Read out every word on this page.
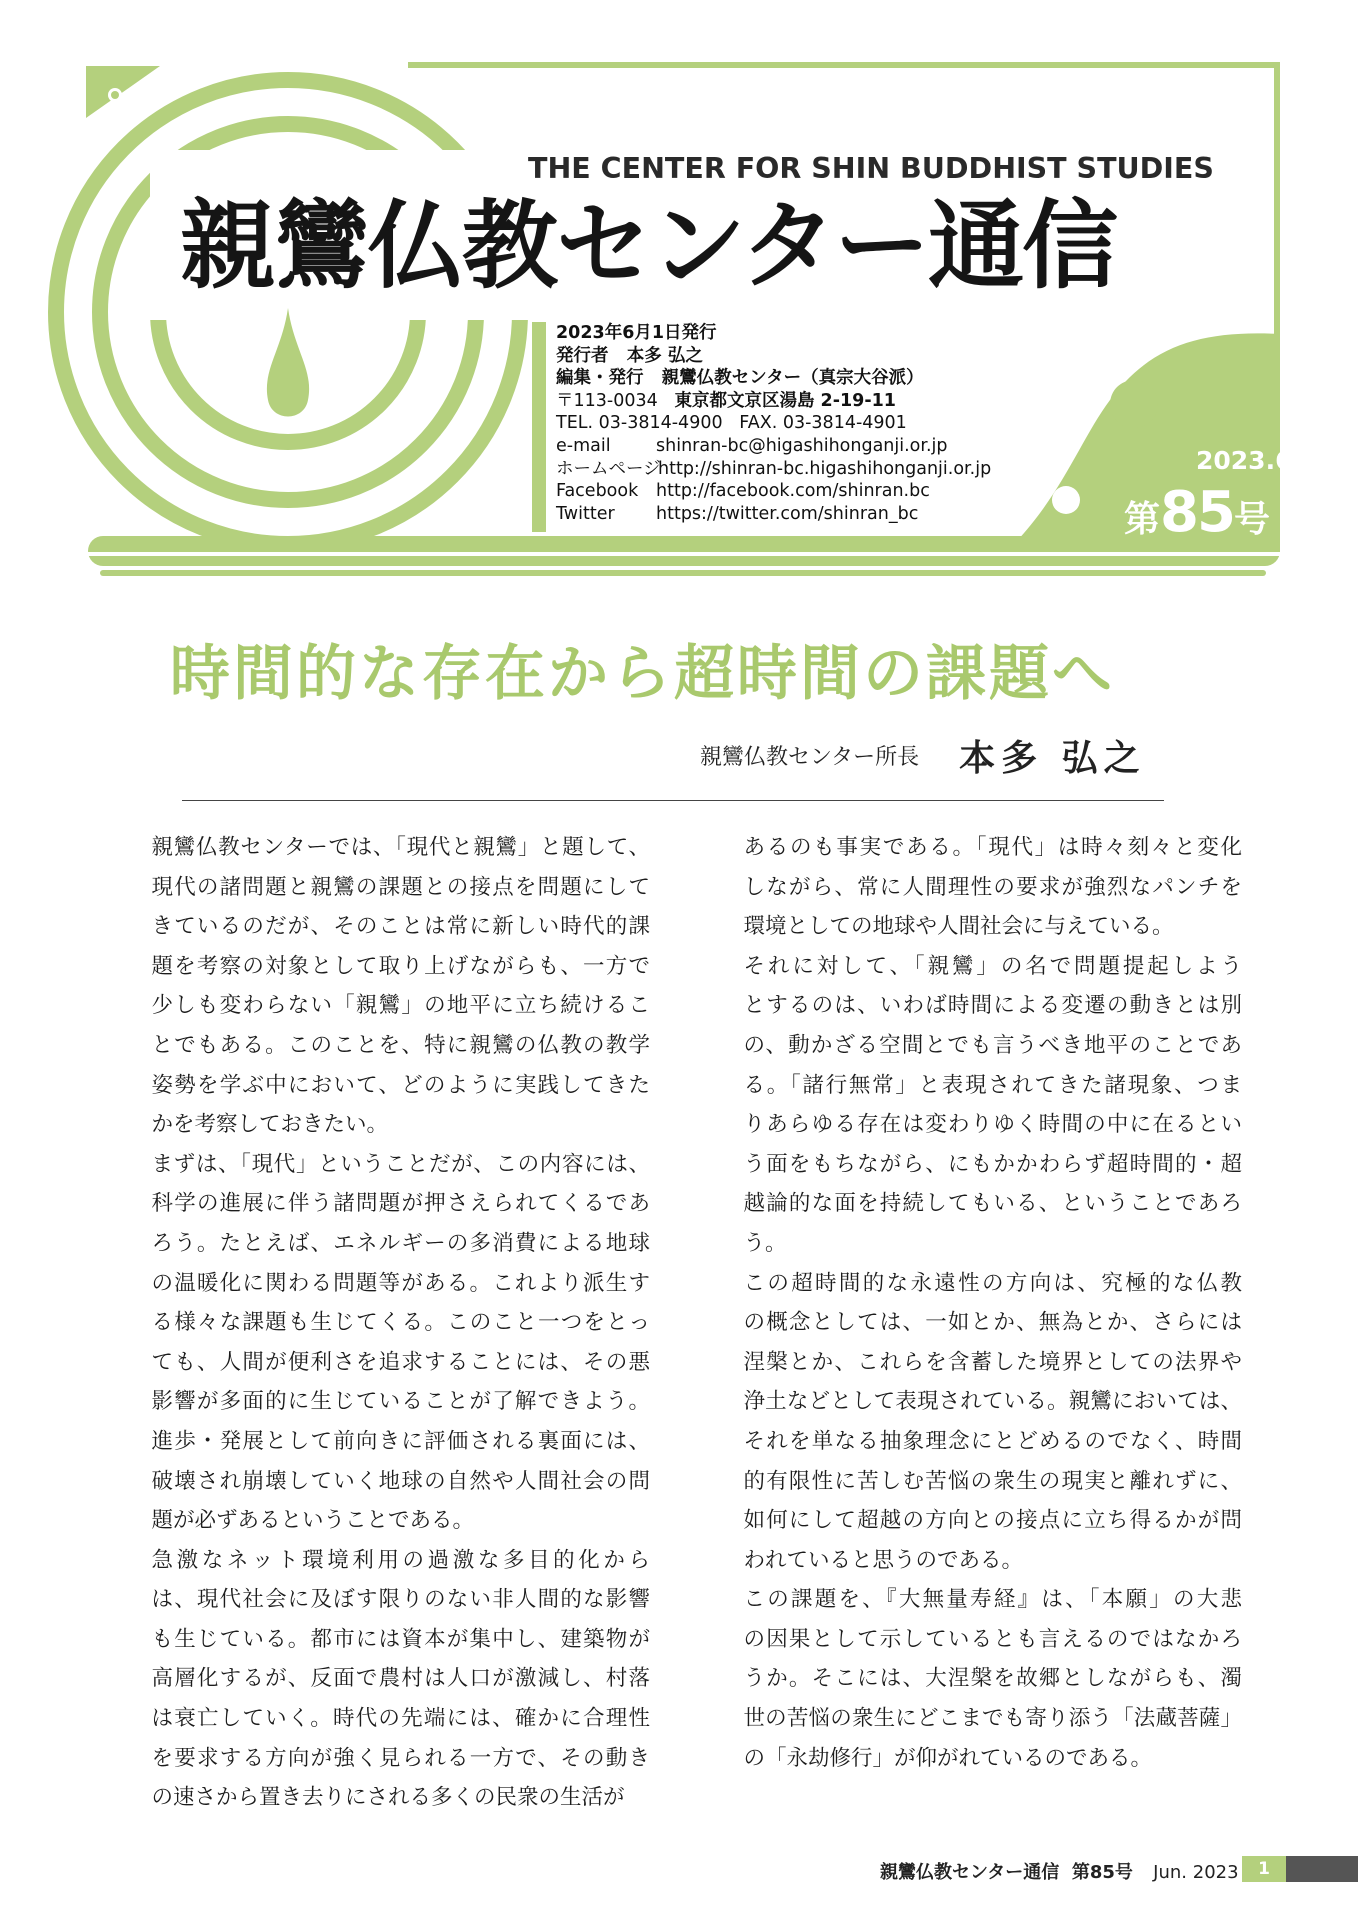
THE CENTER FOR SHIN BUDDHIST STUDIES
親鸞仏教センター通信
2023年6月1日発行
発行者 本多 弘之
編集・発行 親鸞仏教センター（真宗大谷派）
〒113-0034 東京都文京区湯島 2-19-11
TEL. 03-3814-4900 FAX. 03-3814-4901
e-mail	shinran-bc@higashihonganji.or.jp
ホームページhttp://shinran-bc.higashihonganji.or.jp
Facebook http://facebook.com/shinran.bc
Twitter https://twitter.com/shinran_bc
2023.6
第85号
時間的な存在から超時間の課題へ
親鸞仏教センター所長 本多 弘之

親鸞仏教センターでは、「現代と親鸞」と題して、
現代の諸問題と親鸞の課題との接点を問題にして
きているのだが、そのことは常に新しい時代的課
題を考察の対象として取り上げながらも、一方で
少しも変わらない「親鸞」の地平に立ち続けるこ
とでもある。このことを、特に親鸞の仏教の教学
姿勢を学ぶ中において、どのように実践してきた
かを考察しておきたい。

まずは、「現代」ということだが、この内容には、
科学の進展に伴う諸問題が押さえられてくるであ
ろう。たとえば、エネルギーの多消費による地球
の温暖化に関わる問題等がある。これより派生す
る様々な課題も生じてくる。このこと一つをとっ
ても、人間が便利さを追求することには、その悪
影響が多面的に生じていることが了解できよう。
進歩・発展として前向きに評価される裏面には、
破壊され崩壊していく地球の自然や人間社会の問
題が必ずあるということである。

急激なネット環境利用の過激な多目的化から
は、現代社会に及ぼす限りのない非人間的な影響
も生じている。都市には資本が集中し、建築物が
高層化するが、反面で農村は人口が激減し、村落
は衰亡していく。時代の先端には、確かに合理性
を要求する方向が強く見られる一方で、その動き
の速さから置き去りにされる多くの民衆の生活が

あるのも事実である。「現代」は時々刻々と変化
しながら、常に人間理性の要求が強烈なパンチを
環境としての地球や人間社会に与えている。

それに対して、「親鸞」の名で問題提起しよう
とするのは、いわば時間による変遷の動きとは別
の、動かざる空間とでも言うべき地平のことであ
る。「諸行無常」と表現されてきた諸現象、つま
りあらゆる存在は変わりゆく時間の中に在るとい
う面をもちながら、にもかかわらず超時間的・超
越論的な面を持続してもいる、ということであろ
う。

この超時間的な永遠性の方向は、究極的な仏教
の概念としては、一如とか、無為とか、さらには
涅槃とか、これらを含蓄した境界としての法界や
浄土などとして表現されている。親鸞においては、
それを単なる抽象理念にとどめるのでなく、時間
的有限性に苦しむ苦悩の衆生の現実と離れずに、
如何にして超越の方向との接点に立ち得るかが問
われていると思うのである。

この課題を、『大無量寿経』は、「本願」の大悲
の因果として示しているとも言えるのではなかろ
うか。そこには、大涅槃を故郷としながらも、濁
世の苦悩の衆生にどこまでも寄り添う「法蔵菩薩」
の「永劫修行」が仰がれているのである。

親鸞仏教センター通信 第85号 Jun. 2023	1
